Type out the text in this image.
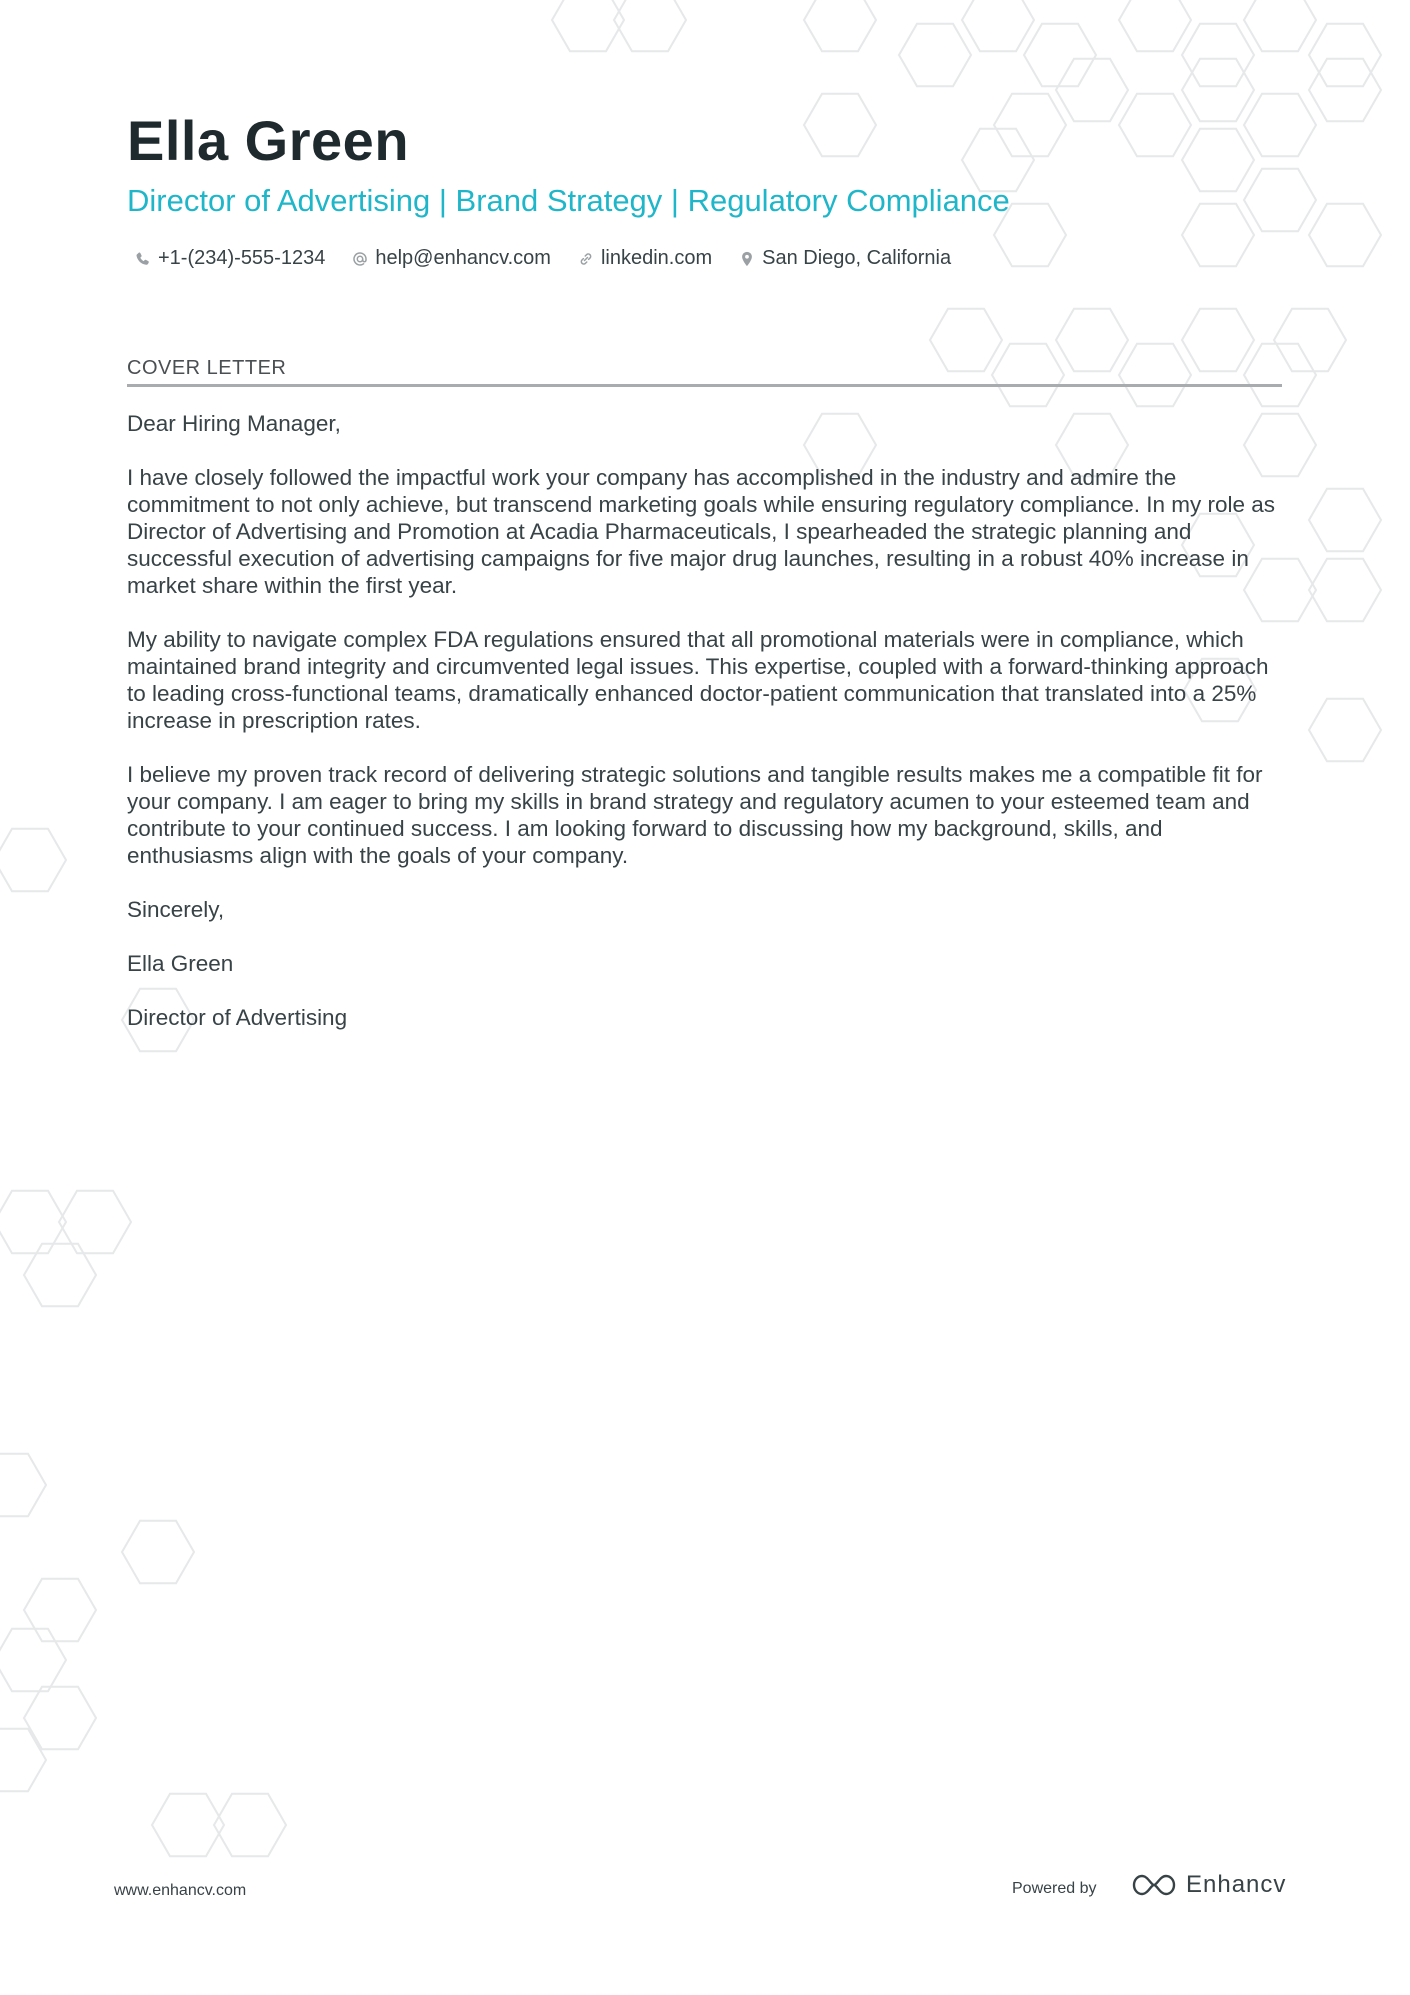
Ella Green
Director of Advertising | Brand Strategy | Regulatory Compliance
+1-(234)-555-1234	help@enhancv.com	linkedin.com	San Diego, California
COVER LETTER

Dear Hiring Manager,

I have closely followed the impactful work your company has accomplished in the industry and admire the commitment to not only achieve, but transcend marketing goals while ensuring regulatory compliance. In my role as Director of Advertising and Promotion at Acadia Pharmaceuticals, I spearheaded the strategic planning and successful execution of advertising campaigns for five major drug launches, resulting in a robust 40% increase in market share within the first year.

My ability to navigate complex FDA regulations ensured that all promotional materials were in compliance, which maintained brand integrity and circumvented legal issues. This expertise, coupled with a forward-thinking approach to leading cross-functional teams, dramatically enhanced doctor-patient communication that translated into a 25% increase in prescription rates.

I believe my proven track record of delivering strategic solutions and tangible results makes me a compatible fit for your company. I am eager to bring my skills in brand strategy and regulatory acumen to your esteemed team and contribute to your continued success. I am looking forward to discussing how my background, skills, and enthusiasms align with the goals of your company.

Sincerely,

Ella Green

Director of Advertising

www.enhancv.com	Powered by	Enhancv
